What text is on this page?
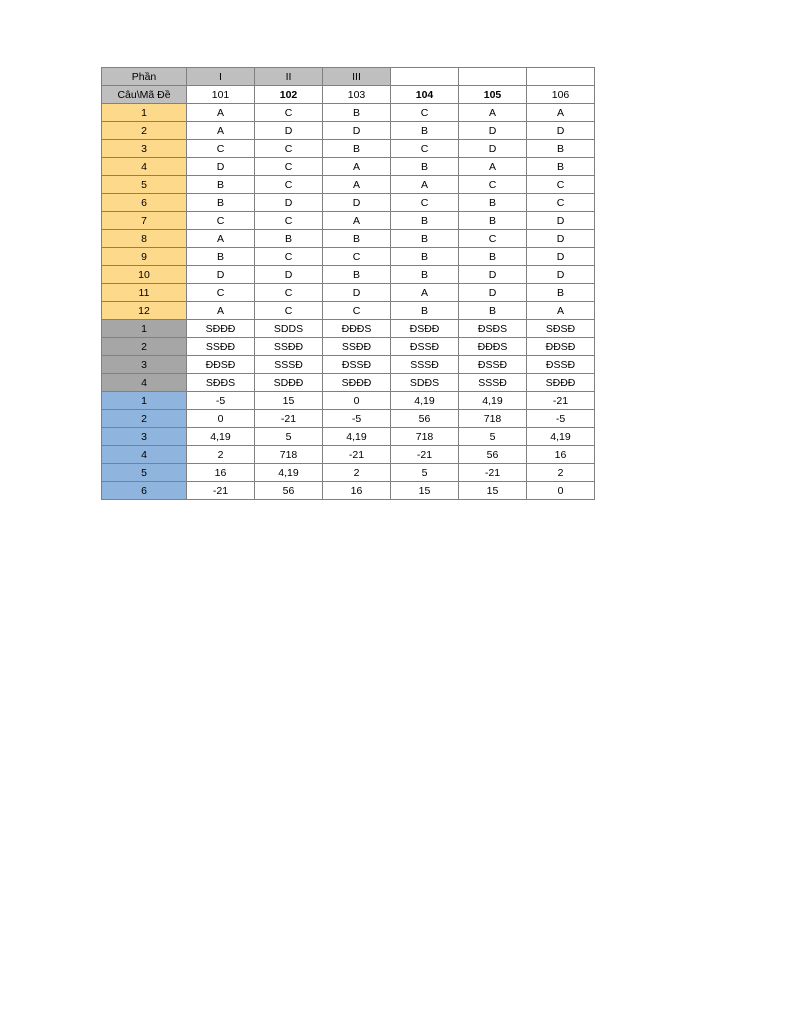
Phần	I	II	III			
Câu\Mã Đề	101	102	103	104	105	106
1	A	C	B	C	A	A
2	A	D	D	B	D	D
3	C	C	B	C	D	B
4	D	C	A	B	A	B
5	B	C	A	A	C	C
6	B	D	D	C	B	C
7	C	C	A	B	B	D
8	A	B	B	B	C	D
9	B	C	C	B	B	D
10	D	D	B	B	D	D
11	C	C	D	A	D	B
12	A	C	C	B	B	A
1	SĐĐĐ	SDDS	ĐĐĐS	ĐSĐĐ	ĐSĐS	SĐSĐ
2	SSĐĐ	SSĐĐ	SSĐĐ	ĐSSĐ	ĐĐĐS	ĐĐSĐ
3	ĐĐSĐ	SSSĐ	ĐSSĐ	SSSĐ	ĐSSĐ	ĐSSĐ
4	SĐĐS	SDĐĐ	SĐĐĐ	SDĐS	SSSĐ	SĐĐĐ
1	-5	15	0	4,19	4,19	-21
2	0	-21	-5	56	718	-5
3	4,19	5	4,19	718	5	4,19
4	2	718	-21	-21	56	16
5	16	4,19	2	5	-21	2
6	-21	56	16	15	15	0
